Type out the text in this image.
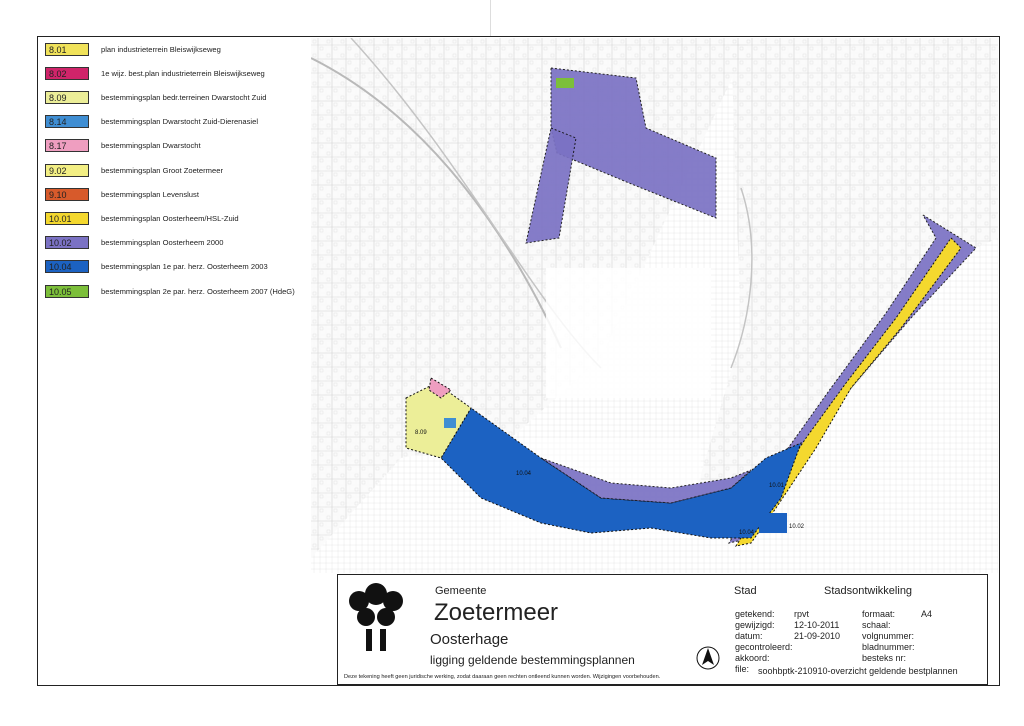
8.01	plan industrieterrein Bleiswijkseweg
8.02	1e wijz. best.plan industrieterrein Bleiswijkseweg
8.09	bestemmingsplan bedr.terreinen Dwarstocht Zuid
8.14	bestemmingsplan Dwarstocht Zuid-Dierenasiel
8.17	bestemmingsplan Dwarstocht
9.02	bestemmingsplan Groot Zoetermeer
9.10	bestemmingsplan Levenslust
10.01	bestemmingsplan Oosterheem/HSL-Zuid
10.02	bestemmingsplan Oosterheem 2000
10.04	bestemmingsplan 1e par. herz. Oosterheem 2003
10.05	bestemmingsplan 2e par. herz. Oosterheem 2007 (HdeG)
8.09
10.04
10.01
10.02
10.04
Gemeente
Zoetermeer
Oosterhage
ligging geldende bestemmingsplannen
Deze tekening heeft geen juridische werking, zodat daaraan geen rechten ontleend kunnen worden. Wijzigingen voorbehouden.
Stad	Stadsontwikkeling
getekend: rpvt
gewijzigd: 12-10-2011
datum:	21-09-2010
gecontroleerd:
akkoord:
file: soohbptk-210910-overzicht geldende bestplannen
formaat:	A4
schaal:
volgnummer:
bladnummer:
besteks nr:
